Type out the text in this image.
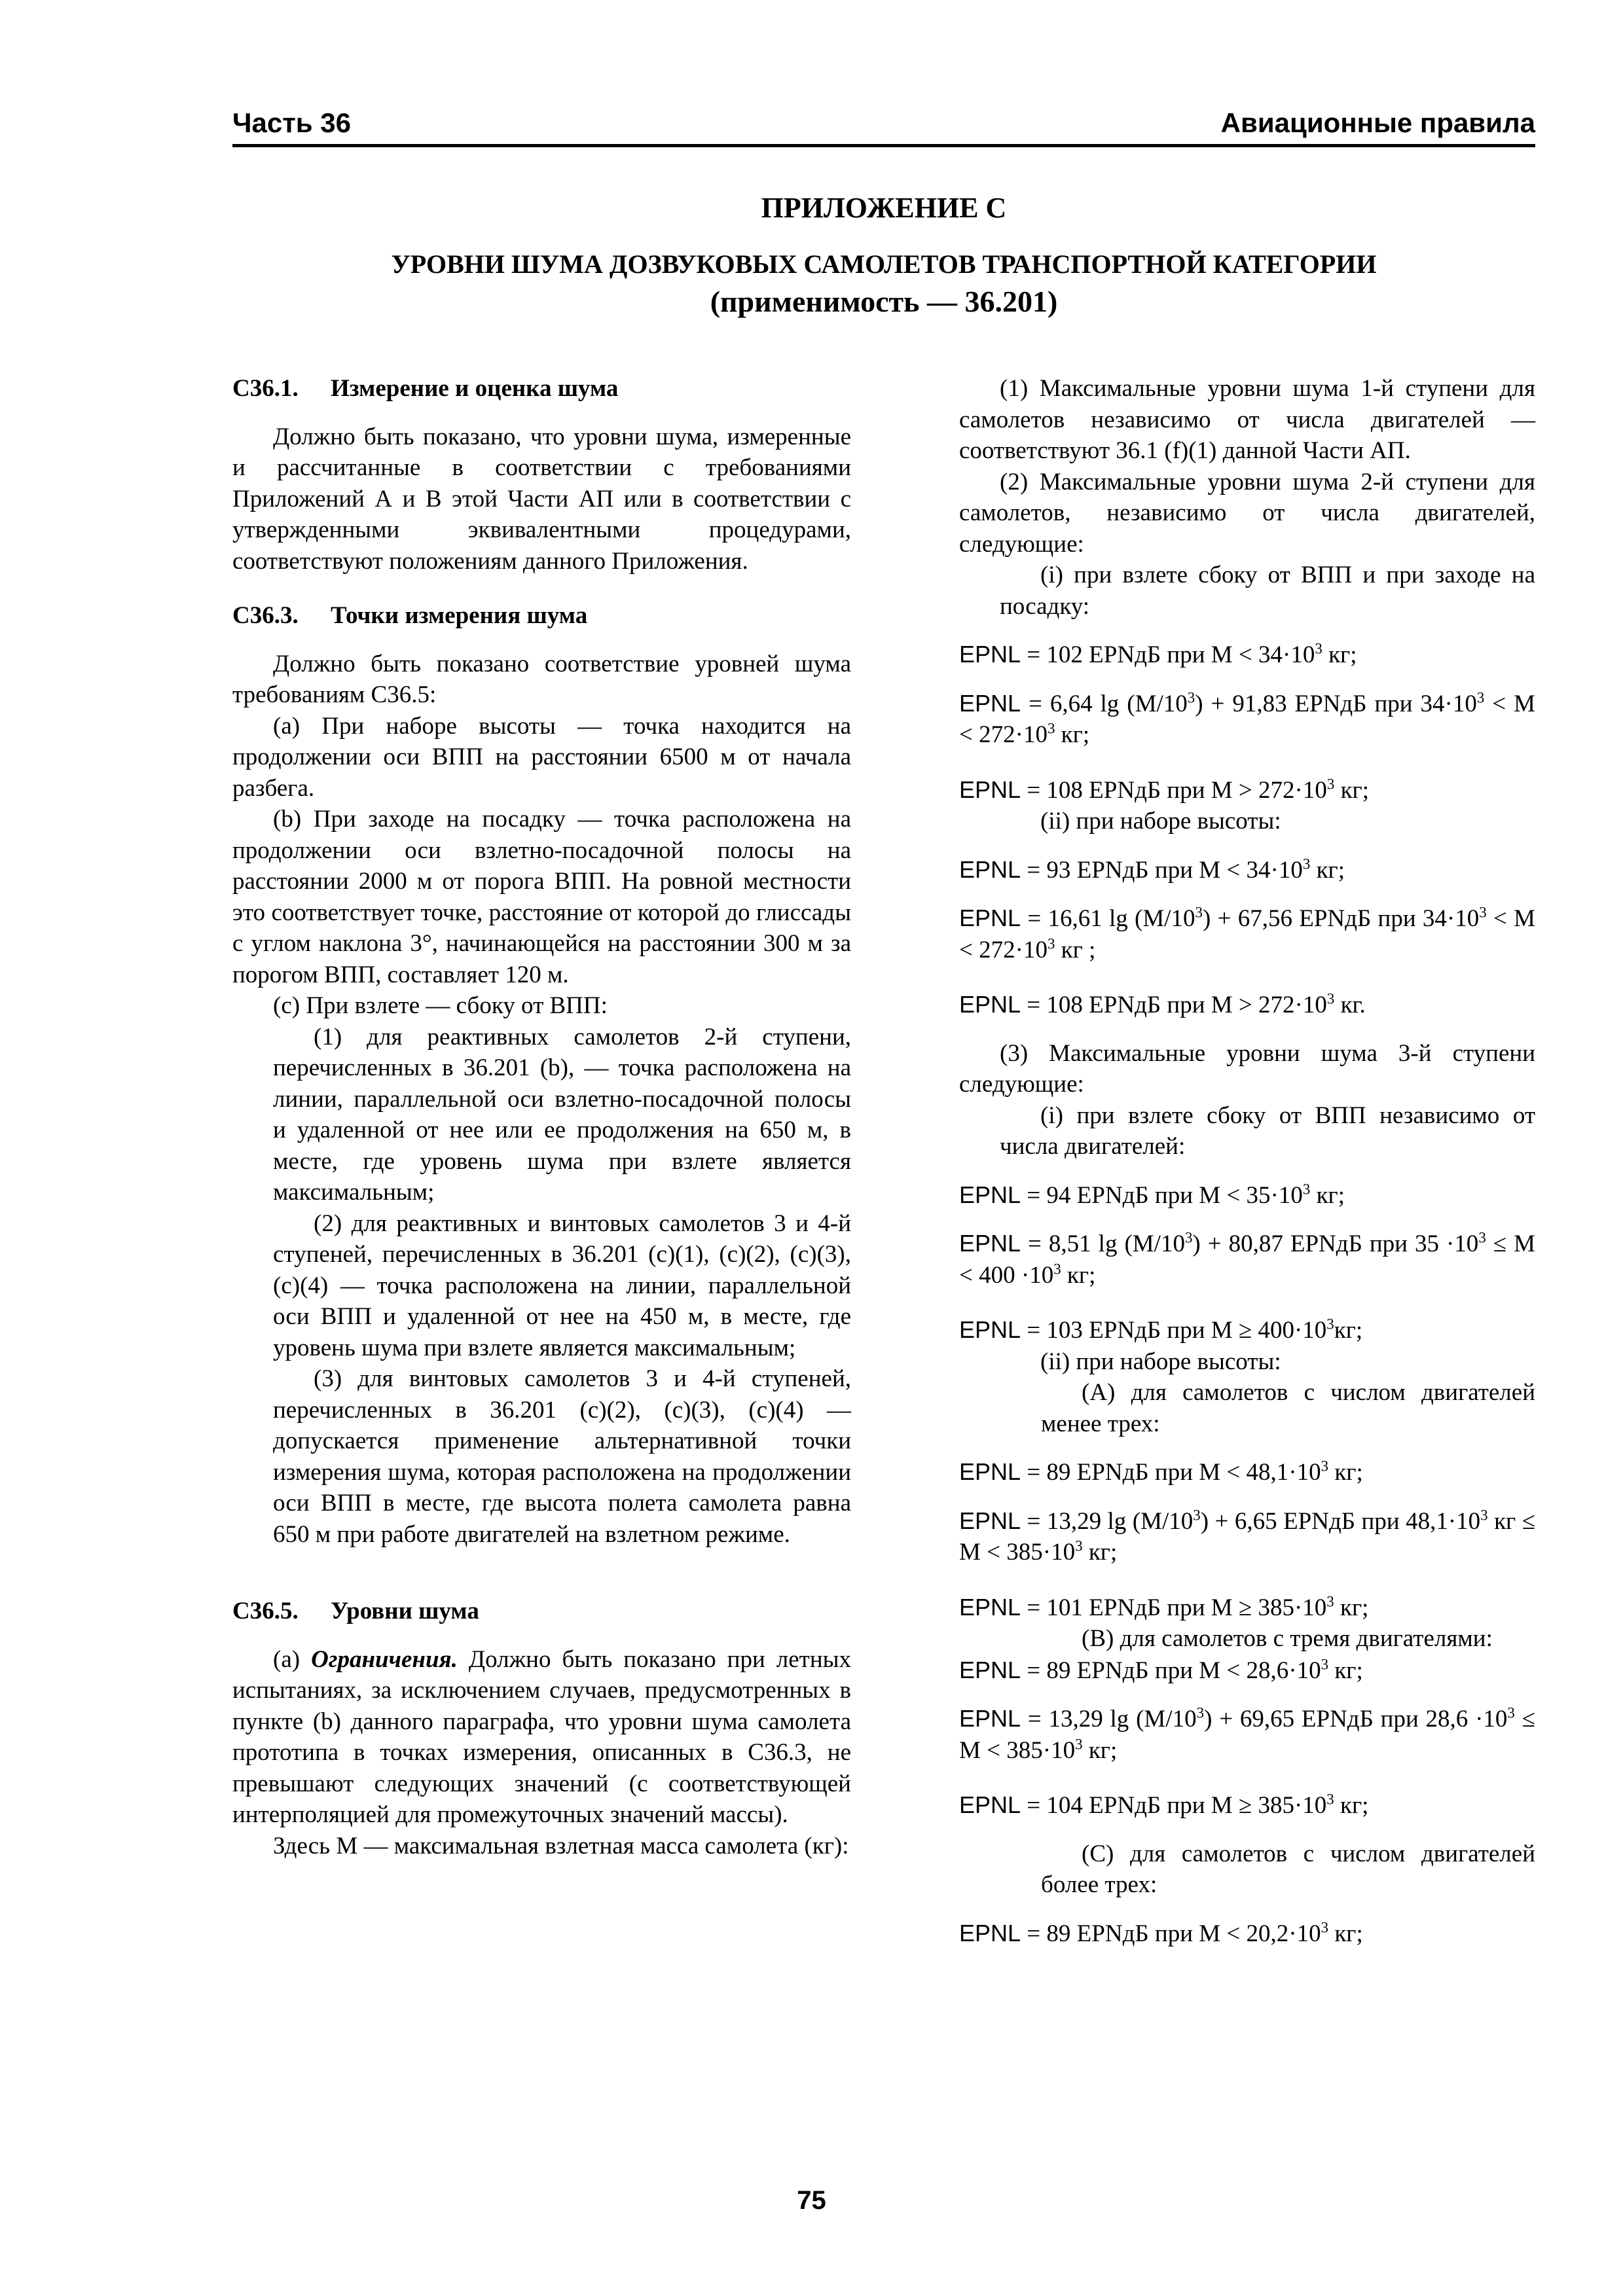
Часть 36	Авиационные правила
ПРИЛОЖЕНИЕ C
УРОВНИ ШУМА ДОЗВУКОВЫХ САМОЛЕТОВ ТРАНСПОРТНОЙ КАТЕГОРИИ
(применимость — 36.201)
С36.1. Измерение и оценка шума

Должно быть показано, что уровни шума, измеренные и рассчитанные в соответствии с требованиями Приложений А и В этой Части АП или в соответствии с утвержденными эквивалентными процедурами, соответствуют положениям данного Приложения.

С36.3. Точки измерения шума

Должно быть показано соответствие уровней шума требованиям С36.5:

(а) При наборе высоты — точка находится на продолжении оси ВПП на расстоянии 6500 м от начала разбега.

(b) При заходе на посадку — точка расположена на продолжении оси взлетно-посадочной полосы на расстоянии 2000 м от порога ВПП. На ровной местности это соответствует точке, расстояние от которой до глиссады с углом наклона 3°, начинающейся на расстоянии 300 м за порогом ВПП, составляет 120 м.

(с) При взлете — сбоку от ВПП:

(1) для реактивных самолетов 2-й ступени, перечисленных в 36.201 (b), — точка расположена на линии, параллельной оси взлетно-посадочной полосы и удаленной от нее или ее продолжения на 650 м, в месте, где уровень шума при взлете является максимальным;

(2) для реактивных и винтовых самолетов 3 и 4-й ступеней, перечисленных в 36.201 (c)(1), (c)(2), (c)(3), (c)(4) — точка расположена на линии, параллельной оси ВПП и удаленной от нее на 450 м, в месте, где уровень шума при взлете является максимальным;

(3) для винтовых самолетов 3 и 4-й ступеней, перечисленных в 36.201 (c)(2), (c)(3), (c)(4) — допускается применение альтернативной точки измерения шума, которая расположена на продолжении оси ВПП в месте, где высота полета самолета равна 650 м при работе двигателей на взлетном режиме.

С36.5. Уровни шума

(а) Ограничения. Должно быть показано при летных испытаниях, за исключением случаев, предусмотренных в пункте (b) данного параграфа, что уровни шума самолета прототипа в точках измерения, описанных в С36.3, не превышают следующих значений (с соответствующей интерполяцией для промежуточных значений массы).

Здесь М — максимальная взлетная масса самолета (кг):

(1) Максимальные уровни шума 1-й ступени для самолетов независимо от числа двигателей — соответствуют 36.1 (f)(1) данной Части АП.

(2) Максимальные уровни шума 2-й ступени для самолетов, независимо от числа двигателей, следующие:

(i) при взлете сбоку от ВПП и при заходе на посадку:

EPNL = 102 ЕРNдБ при $М < 34\cdot 10^3$ кг;

EPNL = 6,64 $\lg (М/10^3) + 91,83$ ЕРNдБ при $34\cdot 10^3 < М < 272\cdot 10^3$ кг;

EPNL = 108 ЕРNдБ при $М > 272\cdot 10^3$ кг;

(ii) при наборе высоты:

EPNL = 93 ЕРNдБ при $М < 34\cdot 10^3$ кг;

EPNL = 16,61 $\lg (М/10^3) + 67,56$ ЕРNдБ при $34\cdot 10^3 < М < 272\cdot 10^3$ кг ;

EPNL = 108 ЕРNдБ при $М > 272\cdot 10^3$ кг.

(3) Максимальные уровни шума 3-й ступени следующие:

(i) при взлете сбоку от ВПП независимо от числа двигателей:

EPNL = 94 ЕРNдБ при $М < 35\cdot 10^3$ кг;

EPNL = 8,51 $\lg (М/10^3) + 80,87$ ЕРNдБ при $35 \cdot 10^3 \le М < 400 \cdot 10^3$ кг;

EPNL = 103 ЕРNдБ при $М \ge 400\cdot 10^3кг$;

(ii) при наборе высоты:

(А) для самолетов с числом двигателей менее трех:

EPNL = 89 ЕРNдБ при $М < 48,1\cdot 10^3$ кг;

EPNL = 13,29 $\lg (М/10^3) + 6,65$ ЕРNдБ при $48,1\cdot 10^3$ кг ≤ $М < 385\cdot 10^3$ кг;

EPNL = 101 ЕРNдБ при $М \ge 385\cdot 10^3$ кг;

(В) для самолетов с тремя двигателями:

EPNL = 89 ЕРNдБ при $М < 28,6\cdot 10^3$ кг;

EPNL = 13,29 $\lg (М/10^3) + 69,65$ ЕРNдБ при $28,6 \cdot 10^3 \le М < 385\cdot 10^3$ кг;

EPNL = 104 ЕРNдБ при $М \ge 385\cdot 10^3$ кг;

(С) для самолетов с числом двигателей более трех:

EPNL = 89 ЕРNдБ при $М < 20,2\cdot 10^3$ кг;

75
